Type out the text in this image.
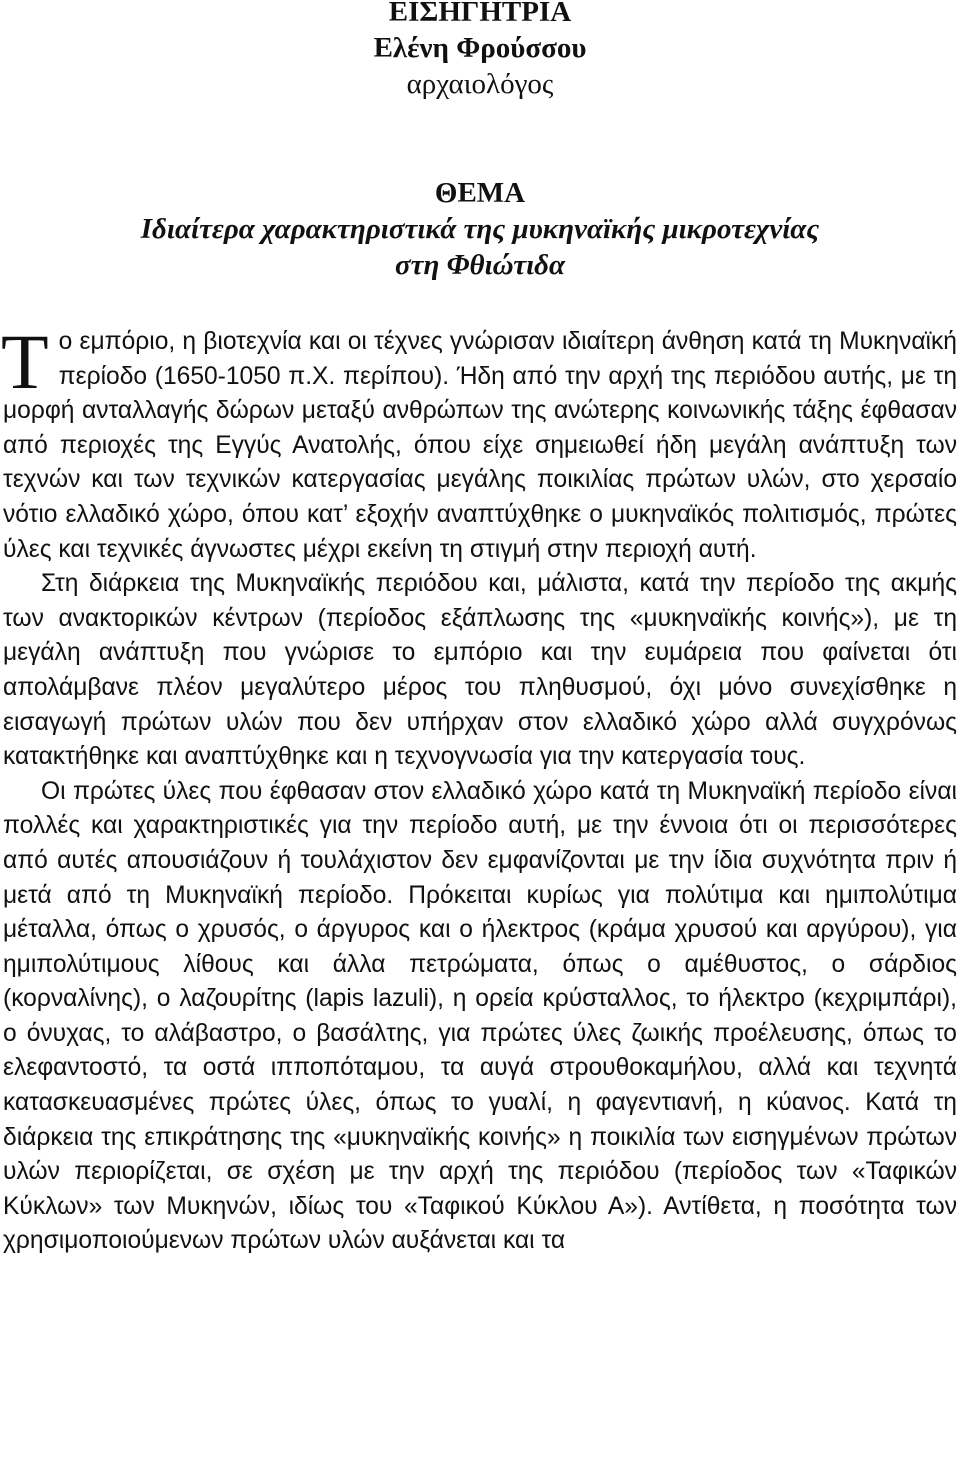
ΕΙΣΗΓΗΤΡΙΑ
Ελένη Φρούσσου
αρχαιολόγος
ΘΕΜΑ
Ιδιαίτερα χαρακτηριστικά της μυκηναϊκής μικροτεχνίας
στη Φθιώτιδα

Το εμπόριο, η βιοτεχνία και οι τέχνες γνώρισαν ιδιαίτερη άνθηση κατά τη Μυκηναϊκή περίοδο (1650-1050 π.Χ. περίπου). Ήδη από την αρχή της περιόδου αυτής, με τη μορφή ανταλλαγής δώρων μεταξύ ανθρώπων της ανώτερης κοινωνικής τάξης έφθασαν από περιοχές της Εγγύς Ανατολής, όπου είχε σημειωθεί ήδη μεγάλη ανάπτυξη των τεχνών και των τεχνικών κατεργασίας μεγάλης ποικιλίας πρώτων υλών, στο χερσαίο νότιο ελλαδικό χώρο, όπου κατ’ εξοχήν αναπτύχθηκε ο μυκηναϊκός πολιτισμός, πρώτες ύλες και τεχνικές άγνωστες μέχρι εκείνη τη στιγμή στην περιοχή αυτή.

Στη διάρκεια της Μυκηναϊκής περιόδου και, μάλιστα, κατά την περίοδο της ακμής των ανακτορικών κέντρων (περίοδος εξάπλωσης της «μυκηναϊκής κοινής»), με τη μεγάλη ανάπτυξη που γνώρισε το εμπόριο και την ευμάρεια που φαίνεται ότι απολάμβανε πλέον μεγαλύτερο μέρος του πληθυσμού, όχι μόνο συνεχίσθηκε η εισαγωγή πρώτων υλών που δεν υπήρχαν στον ελλαδικό χώρο αλλά συγχρόνως κατακτήθηκε και αναπτύχθηκε και η τεχνογνωσία για την κατεργασία τους.

Οι πρώτες ύλες που έφθασαν στον ελλαδικό χώρο κατά τη Μυκηναϊκή περίοδο είναι πολλές και χαρακτηριστικές για την περίοδο αυτή, με την έννοια ότι οι περισσότερες από αυτές απουσιάζουν ή τουλάχιστον δεν εμφανίζονται με την ίδια συχνότητα πριν ή μετά από τη Μυκηναϊκή περίοδο. Πρόκειται κυρίως για πολύτιμα και ημιπολύτιμα μέταλλα, όπως ο χρυσός, ο άργυρος και ο ήλεκτρος (κράμα χρυσού και αργύρου), για ημιπολύτιμους λίθους και άλλα πετρώματα, όπως ο αμέθυστος, ο σάρδιος (κορναλίνης), ο λαζουρίτης (lapis lazuli), η ορεία κρύσταλλος, το ήλεκτρο (κεχριμπάρι), ο όνυχας, το αλάβαστρο, ο βασάλτης, για πρώτες ύλες ζωικής προέλευσης, όπως το ελεφαντοστό, τα οστά ιπποπόταμου, τα αυγά στρουθοκαμήλου, αλλά και τεχνητά κατασκευασμένες πρώτες ύλες, όπως το γυαλί, η φαγεντιανή, η κύανος. Κατά τη διάρκεια της επικράτησης της «μυκηναϊκής κοινής» η ποικιλία των εισηγμένων πρώτων υλών περιορίζεται, σε σχέση με την αρχή της περιόδου (περίοδος των «Ταφικών Κύκλων» των Μυκηνών, ιδίως του «Ταφικού Κύκλου Α»). Αντίθετα, η ποσότητα των χρησιμοποιούμενων πρώτων υλών αυξάνεται και τα
